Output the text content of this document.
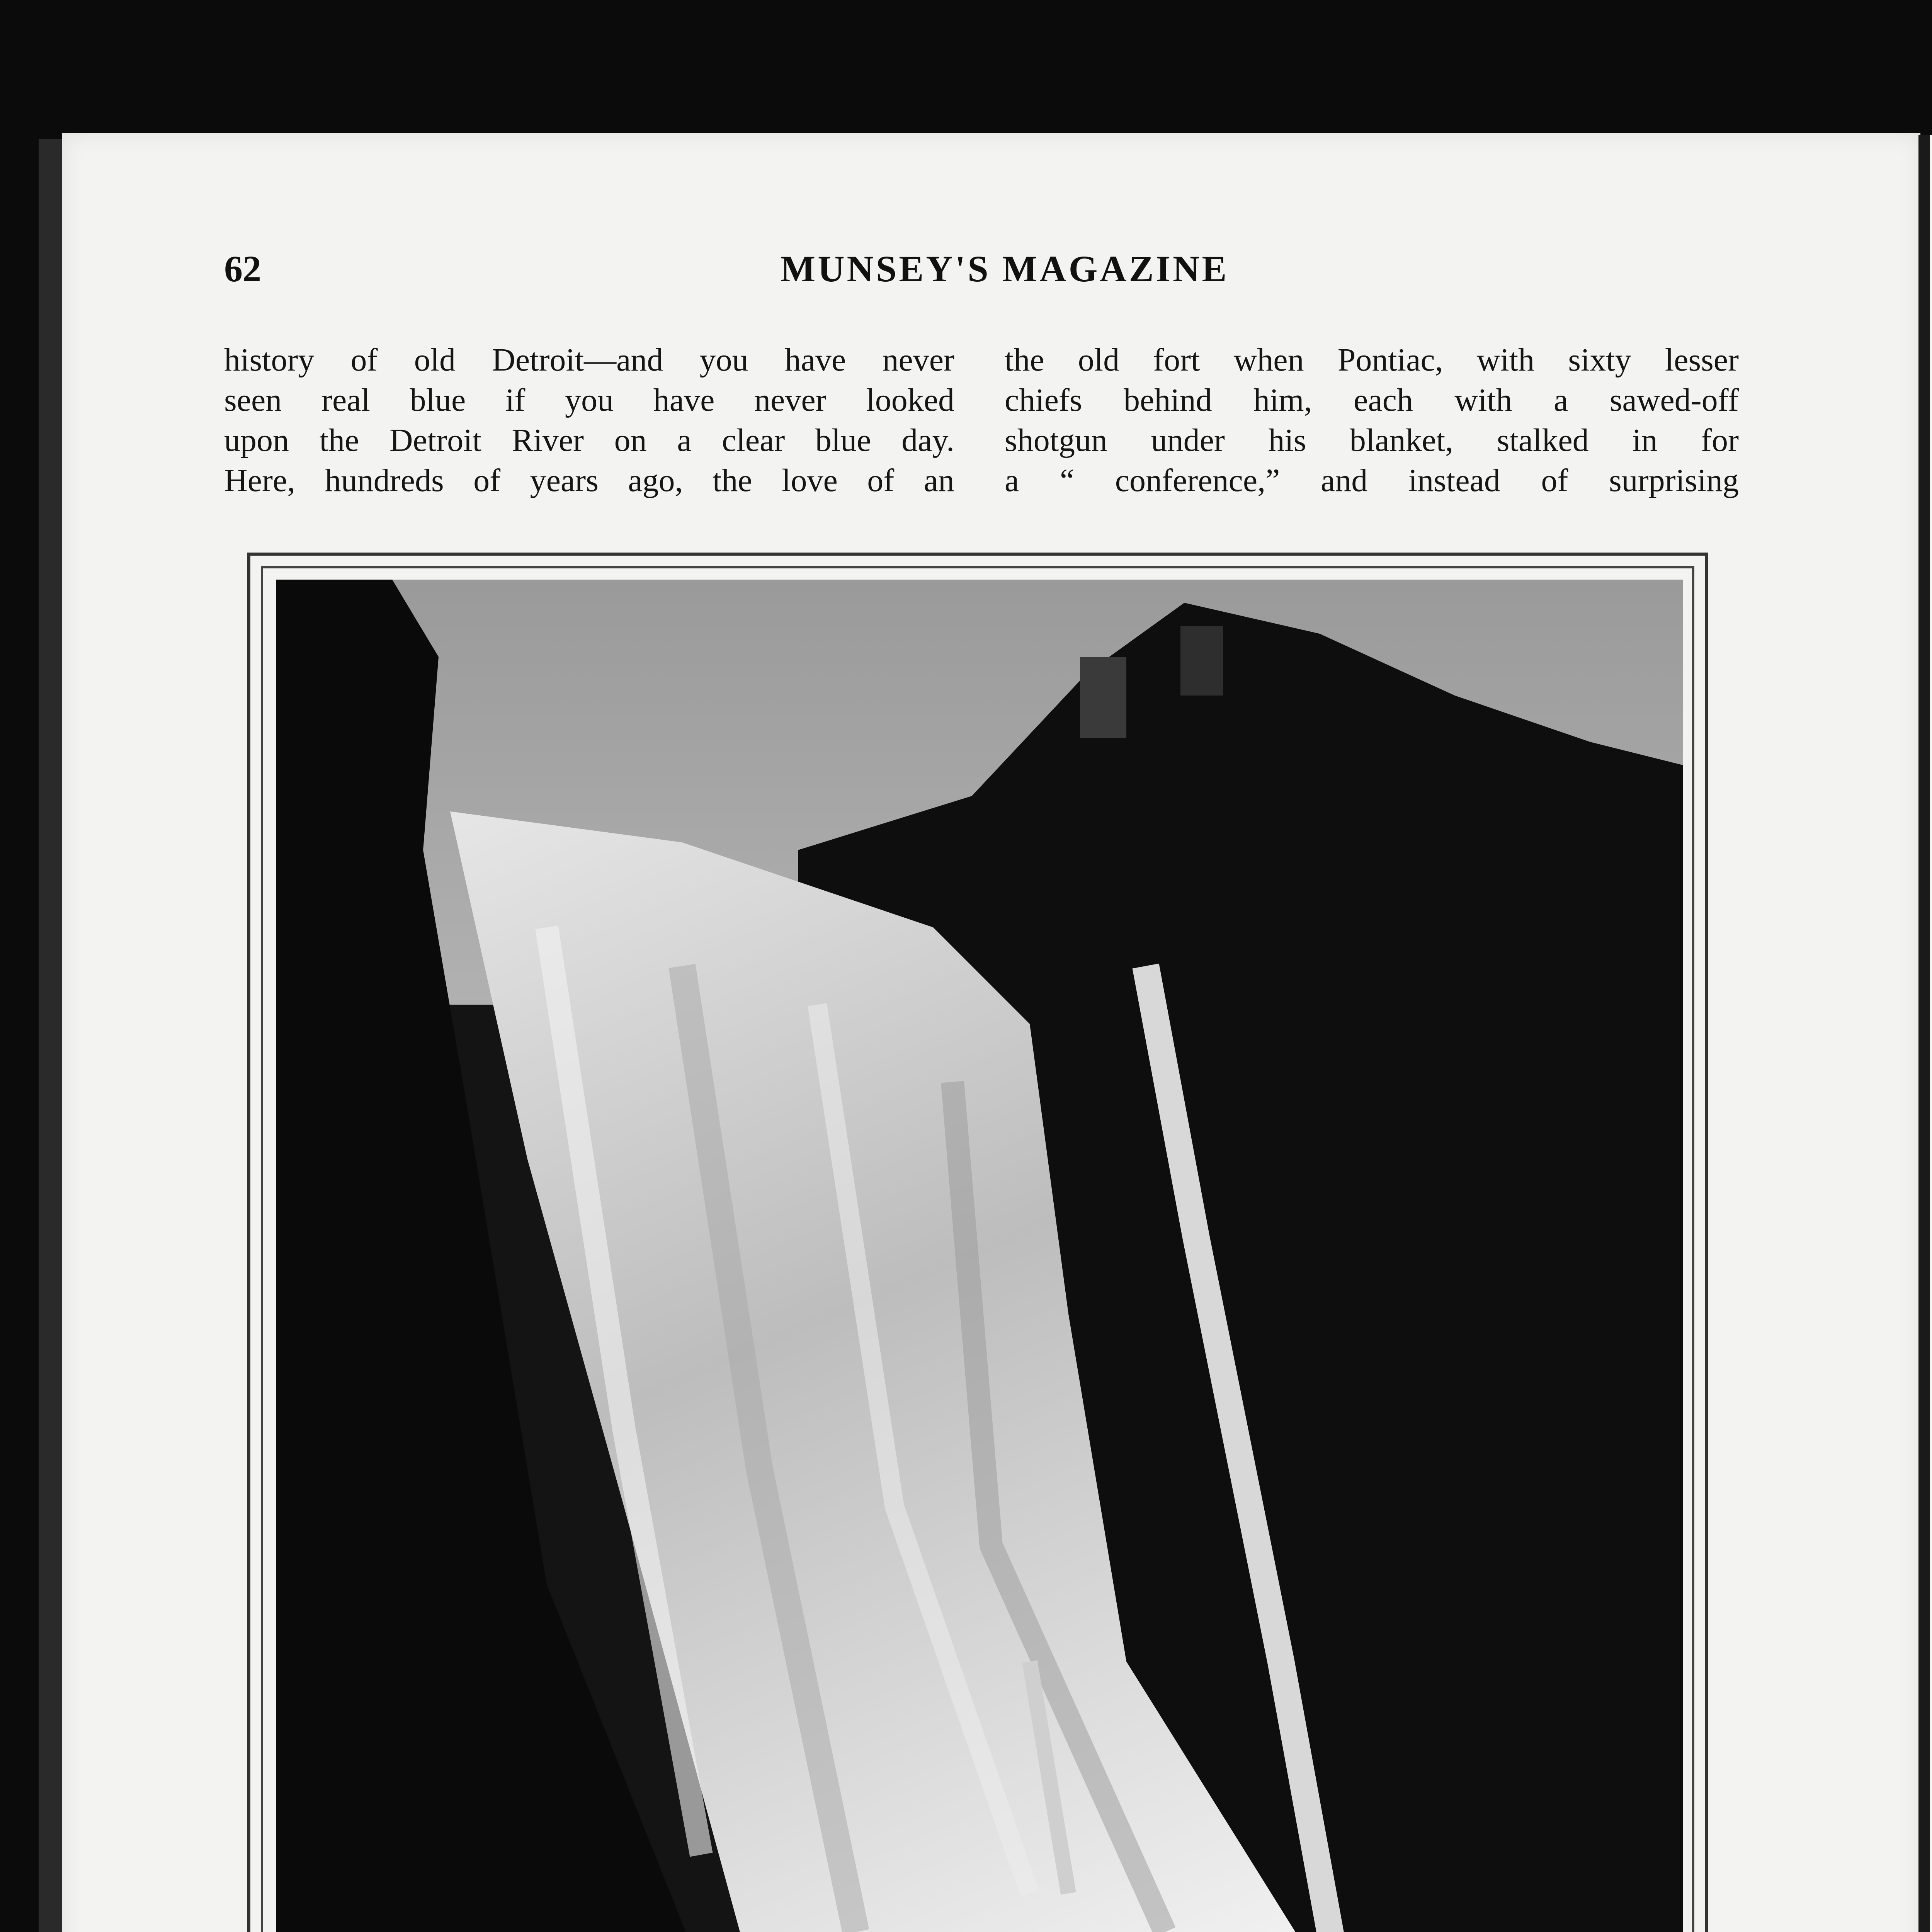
62	MUNSEY'S MAGAZINE
history of old Detroit—and you have never
seen real blue if you have never looked
upon the Detroit River on a clear blue day.
Here, hundreds of years ago, the love of an
the old fort when Pontiac, with sixty lesser
chiefs behind him, each with a sawed-off
shotgun under his blanket, stalked in for
a “ conference,” and instead of surprising
